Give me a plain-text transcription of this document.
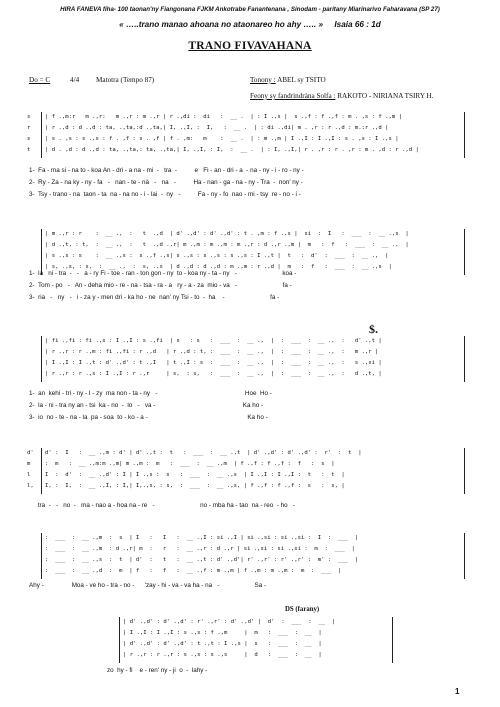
HIRA FANEVA fiha- 100 taonan'ny Fiangonana FJKM Ankotrabe Fanantenana , Sinodam - paritany Miarinarivo Faharavana (SP 27)
« …..trano manao ahoana no ataonareo ho ahy ….. » Isaia 66 : 1d
TRANO FIVAVAHANA
Do = C	4/4 Matotra (Tempo 87)	Tonony : ABEL sy TSITO
Feony sy fandrindràna Solfa : RAKOTO - NIRIANA TSIRY H.
s	| f .,m:r   m .,r:   m .,r : m .,r | r .,di :  di   :  __ .  | : I .,s |  s .,f : f .,f : m . ,s : f .,m |
r	| r .,d : d .,d : ta, .,ta,:d .,ta,| I, .,I, :  I,   :  __ .  | : di .,di| m . ,r : r .,d : m.:r .,d |
s	| s . ,s : s .,s : f . ,f : s . ,f | f . ,m:   m    :  __ .  | : m .,m | I .,I : I .,I : s . ,s : I .,s |
t	| d . ,d : d .,d : ta, .,ta,: ta, .,ta,| I, .,I, : I,  :  __ .  | : I, .,I,| r . ,r : r . ,r : m . ,d : r .,d |
1-  Fa - ma si - na to - koa An - dri - a na - mi  -   tra  -          e   Fi - an - dri - a  - na - ny - i - ro - ny -
2-  Ry - Za - na ky - ny - fa   -   nan - te - nà   -   na   -          Ha - nan - ga - na - ny - Tra  -  non' ny -
3-  Tsy - trano - na  taon - ta  na - na no - i - lai  -  ny   -          Fa - ny - fo  nao - mi - tsy  re - no - i -
| m .,r : r    :  __ .,  :   t  .,d  | d' .,d' : d' .,d' : t . ,m : f .,s |  si  :  I   :  ___  :  __ .,s  |
| d .,t, : t,  :  __ .,  :   t  .,d .,r| m .,m : m .,m : m .,r : d .,r .,m |  m   :  f   :  ___  :  __ .,  |
| s .,s : s    :  __ .,s :  s .,f .,s| s .,s : s .,s : s .,s : I .,t |  t   :  d'  :  ___  :  __ .,  |
| s, .,s, : s,  :  __ .,  :  s, .,s  | d .,d : d .,d : m .,m : r .,d |  m   :  f   :  ___  :  __ .,s  |
1-  la   ni - tra  -   -   a - ry Fi - toe - ran - ton gon - ny  to - koa ny - ta - ny   -                          koa -
2-  Tom - po   -   An - deha mio - re - na - tsa - ra - a   ry - a - za  mio - va   -                          fa -
3-  ria   -   ny   -   i - za y - men dri - ka ho - ne  nan' ny Tsi - to  -  ha    -                          fa -
| fi .,fi : fi .,s : I .,I : s .,fi  | s   : s   :  ___  :  __ .,  |  :  ___  :  __ .,  :   d' .,t |
| r .,r : r .,m : fi .,fi : r .,d   | r .,d : t, :  ___  :  __ .,  |  :  ___  :  __ .,  :   m .,r |
| I .,I : I .,t : d' .,d' : t .,I   | t .,I : s  :  ___  :  __ .,  |  :  ___  :  __ .,  :   s .,si |
| r .,r : r .,s : I .,I : r .,r     | s,  : s,   :  ___  :  __ .,  |  :  ___  :  __ .,  :   d .,t, |
1-  an  kehi - tri - ny - I - zy  ma non - ta - ny   -                                                  Hoe  Ho -
2-  la - ni - tra ny an - tsi  ka - no  -  lo   -   va -                                                  Ka ho -
3-  io  no - te - na - la  pa - soa  to - ko - a -                                                         Ka ho -
d' d' :  I   :  __ .,m : d' | d' .,t :  t   :  ___  :  __ .,t  | d' .,d' : d' .,d' :  r'  :  t  |
m	:  m   :  __ .,m:m .,m| m .,m :  m   :  ___  :  __ .,m  | f .,f : f .,f :  f   :  s  |
l	I  :  d'  :  __ .,d' : I | I .,s :  s   :  ___  :  __ .,s  | I .,I : I .,I :  t   :  t  |
l, I, :  I,  :  __ .,I, : I,| I,.,s, : s,  :  ___  :  __ .,s, | f .,f : f .,f :  s   :  s, |
tra  -   -   no  -   ma - nao a - hoa na - re   -                          no - mba ha - tao  na - reo  - ho   -
:  ___  :  __ .,m  :  s  | I   :   I   :  __ .,I : si .,I | si .,si : si .,si :  I  :  ___  |
:  ___  :  __ .,m  : d .,r| m  :   r   :  __ .,r : d .,r | si .,si : si .,si :  m  :  ___  |
:  ___  :  __ .,s  :  t  | d'  :   t   :  __ .,t : d' .,d'| r' .,r' : r' .,r' :  m' :  ___  |
:  ___  :  __ .,d  :  m  | f   :   f   :  __ .,f : m .,m | f .,m : m .,m :  m  :  ___  |
Ahy -                Moa - ve ho - tra - no -      'zay - hi - va - va ha - na   -                    Sa -
| d' .,d' : d' .,d' : r' .,r' : d' .,d' |  d'  :  ___  :  __  |
| I .,I : I .,I : s .,s : f .,m     |  m   :  ___  :  __  |
| d' .,d' : d' .,d' : t .,t : I .,s |  s   :  ___  :  __  |
| r .,r : r .,r : s .,s : s .,s     |  d   :  ___  :  __  |
zo  hy - fi    e - ren' ny - ji  o  -  lahy -
$.
DS (farany)
1
